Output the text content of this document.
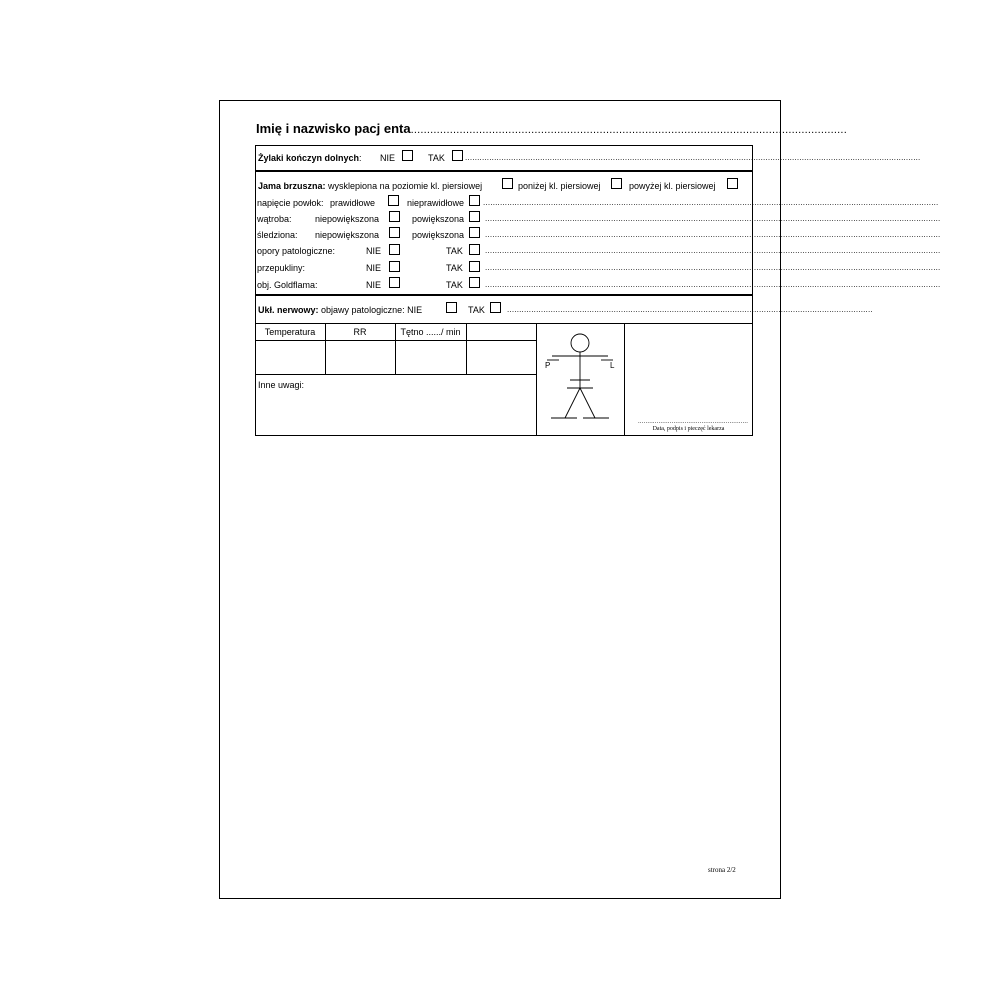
Imię i nazwisko pacj enta......................................................................................................................................
Żylaki kończyn dolnych: NIE	TAK	............................................................................................................................................................................................
Jama brzuszna: wysklepiona na poziomie kl. piersiowej	poniżej kl. piersiowej	powyżej kl. piersiowej
napięcie powłok: prawidłowe	nieprawidłowe ............................................................................................................................................................................................
wątroba:	niepowiększona	powiększona	............................................................................................................................................................................................
śledziona: niepowiększona	powiększona	............................................................................................................................................................................................
opory patologiczne:	NIE	TAK	............................................................................................................................................................................................
przepukliny:	NIE	TAK	............................................................................................................................................................................................
obj. Goldflama:	NIE	TAK	............................................................................................................................................................................................
Ukł. nerwowy: objawy patologiczne: NIE	TAK	.......................................................................................................................................................
Temperatura	RR	Tętno ....../ min
Inne uwagi:
P	L
...........................................................
Data, podpis i pieczęć lekarza
strona 2/2
